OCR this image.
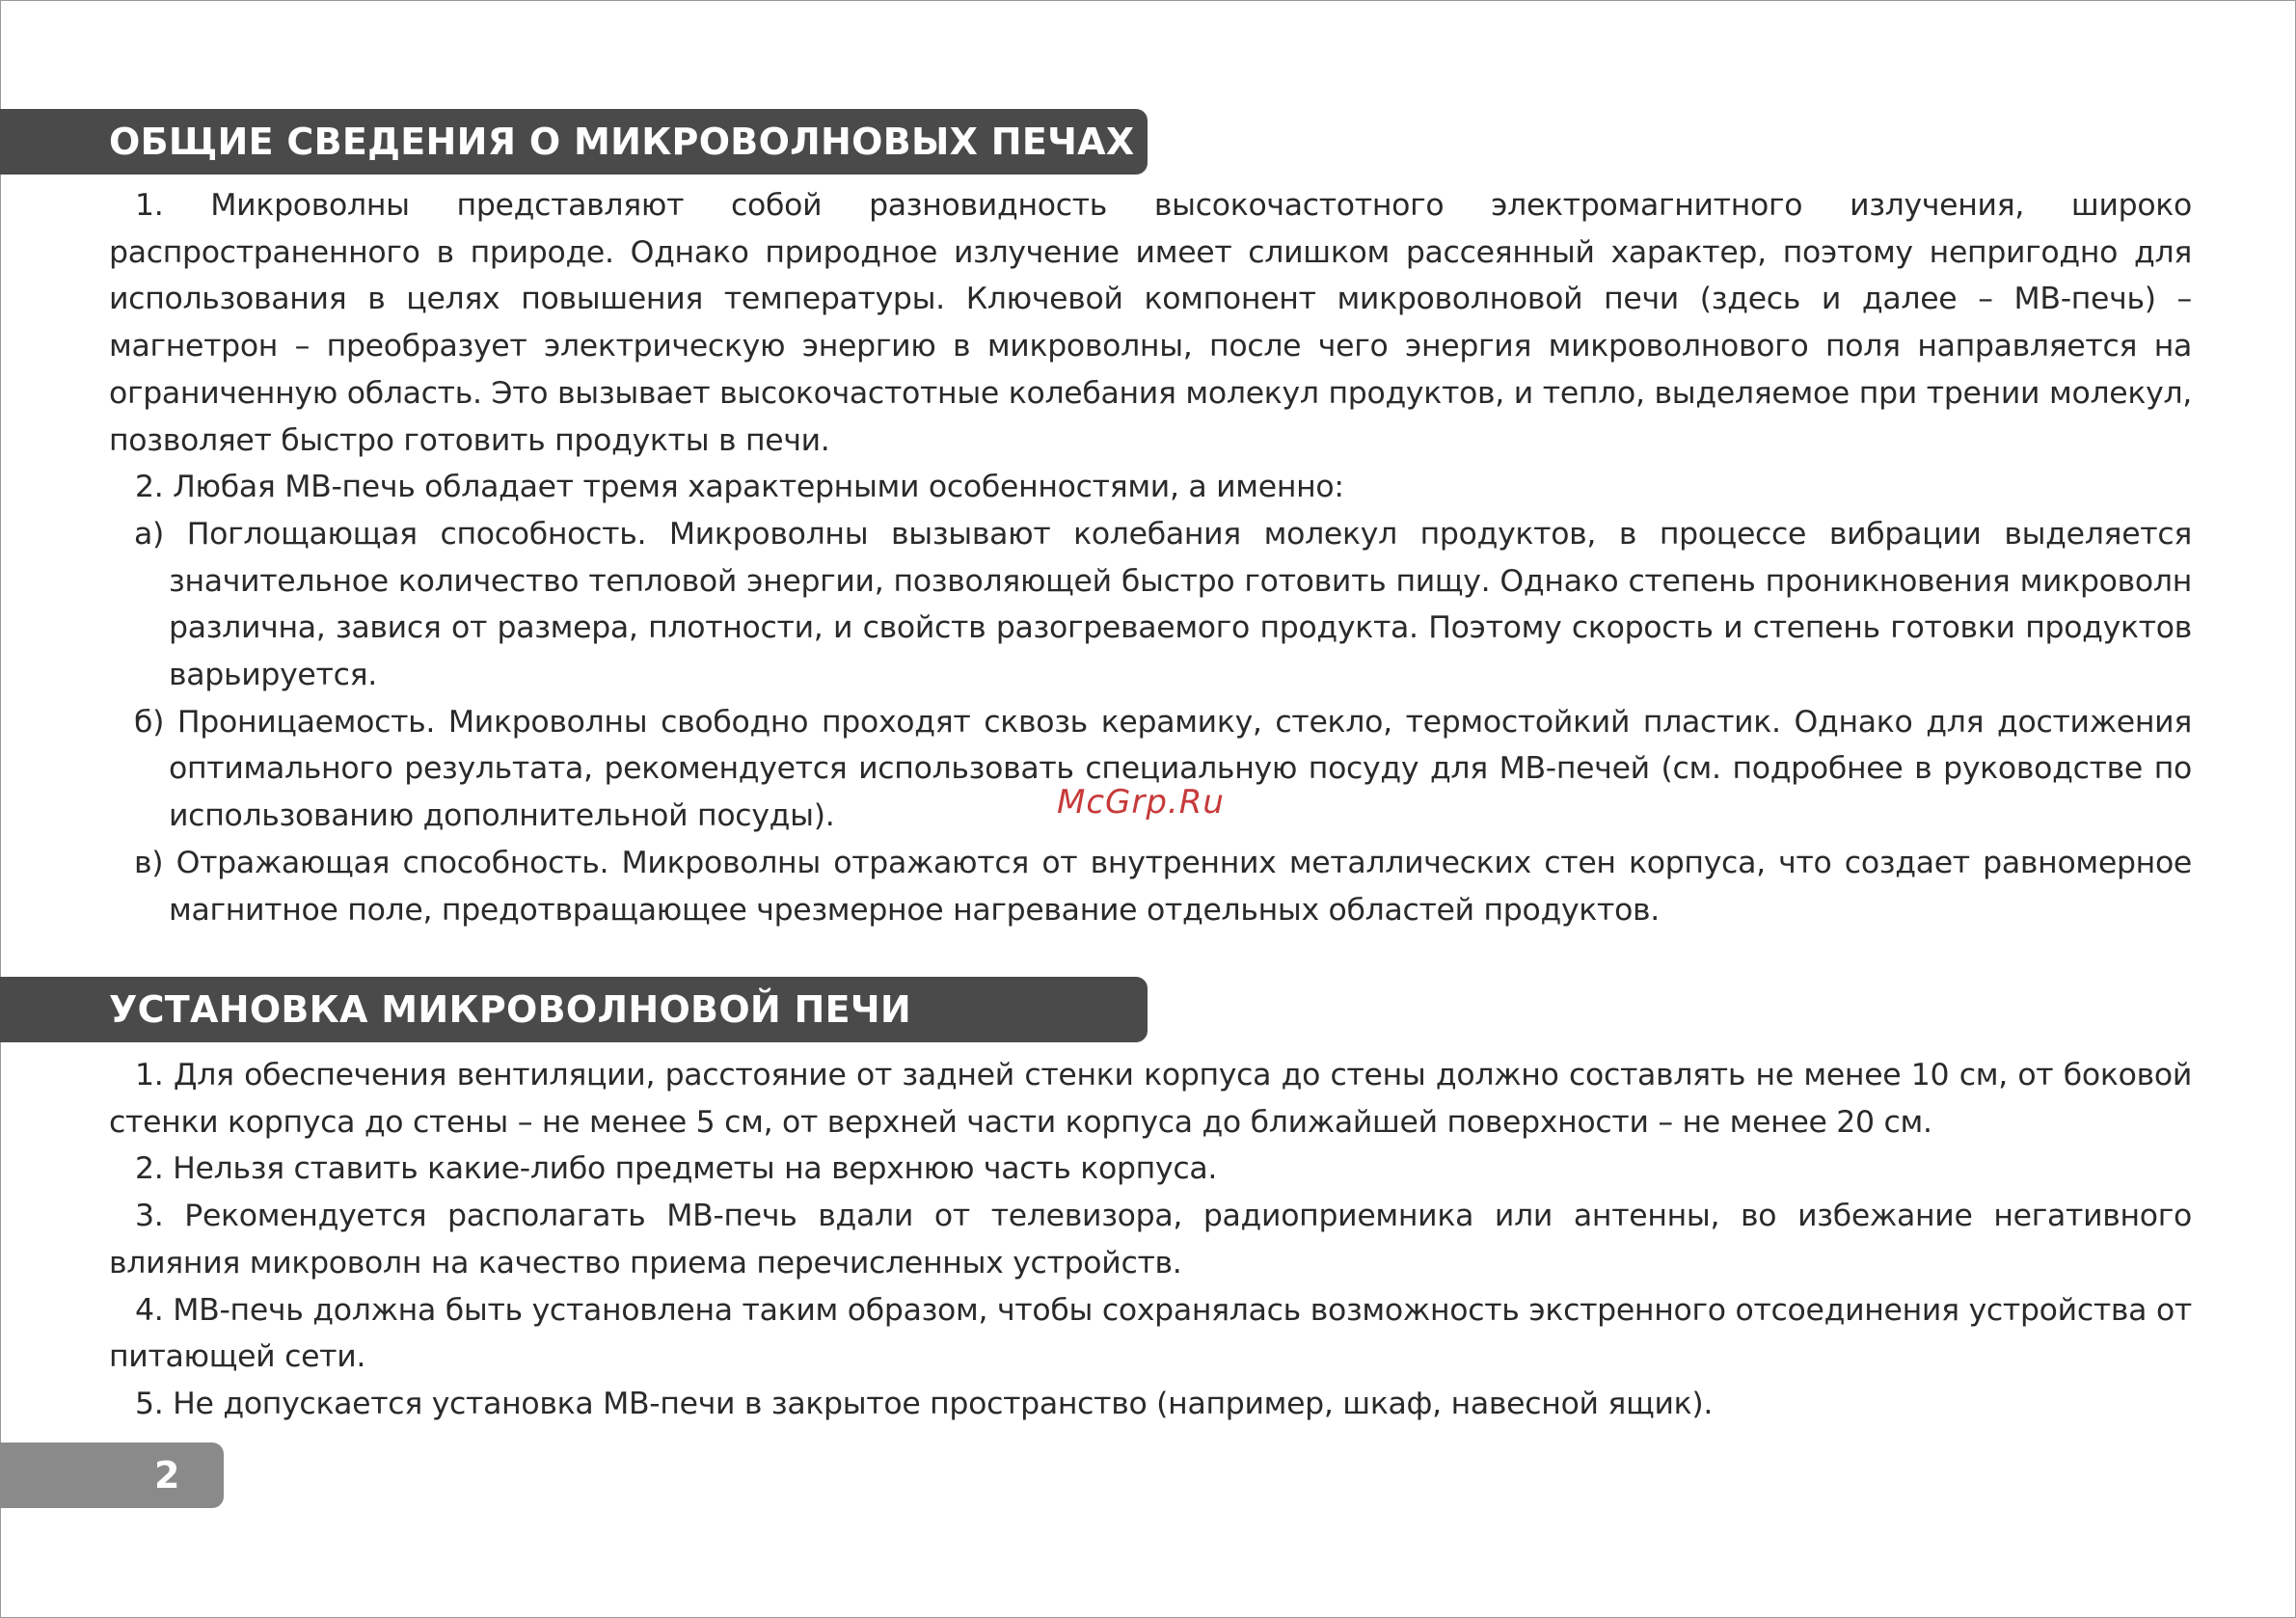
ОБЩИЕ СВЕДЕНИЯ О МИКРОВОЛНОВЫХ ПЕЧАХ

1. Микроволны представляют собой разновидность высокочастотного электромагнитного излучения, широко распространенного в природе. Однако природное излучение имеет слишком рассеянный характер, поэтому непригодно для использования в целях повышения температуры. Ключевой компонент микроволновой печи (здесь и далее – МВ-печь) – магнетрон – преобразует электрическую энергию в микроволны, после чего энергия микроволнового поля направляется на ограниченную область. Это вызывает высокочастотные колебания молекул продуктов, и тепло, выделяемое при трении молекул, позволяет быстро готовить продукты в печи.

2. Любая МВ-печь обладает тремя характерными особенностями, а именно:

а) Поглощающая способность. Микроволны вызывают колебания молекул продуктов, в процессе вибрации выделяется значительное количество тепловой энергии, позволяющей быстро готовить пищу. Однако степень проникновения микроволн различна, завися от размера, плотности, и свойств разогреваемого продукта. Поэтому скорость и степень готовки продуктов варьируется.

б) Проницаемость. Микроволны свободно проходят сквозь керамику, стекло, термостойкий пластик. Однако для достижения оптимального результата, рекомендуется использовать специальную посуду для МВ-печей (см. подробнее в руководстве по использованию дополнительной посуды).

в) Отражающая способность. Микроволны отражаются от внутренних металлических стен корпуса, что создает равномерное магнитное поле, предотвращающее чрезмерное нагревание отдельных областей продуктов.

УСТАНОВКА МИКРОВОЛНОВОЙ ПЕЧИ

1. Для обеспечения вентиляции, расстояние от задней стенки корпуса до стены должно составлять не менее 10 см, от боковой стенки корпуса до стены – не менее 5 см, от верхней части корпуса до ближайшей поверхности – не менее 20 см.

2. Нельзя ставить какие-либо предметы на верхнюю часть корпуса.

3. Рекомендуется располагать МВ-печь вдали от телевизора, радиоприемника или антенны, во избежание негативного влияния микроволн на качество приема перечисленных устройств.

4. МВ-печь должна быть установлена таким образом, чтобы сохранялась возможность экстренного отсоединения устройства от питающей сети.

5. Не допускается установка МВ-печи в закрытое пространство (например, шкаф, навесной ящик).

2
McGrp.Ru
